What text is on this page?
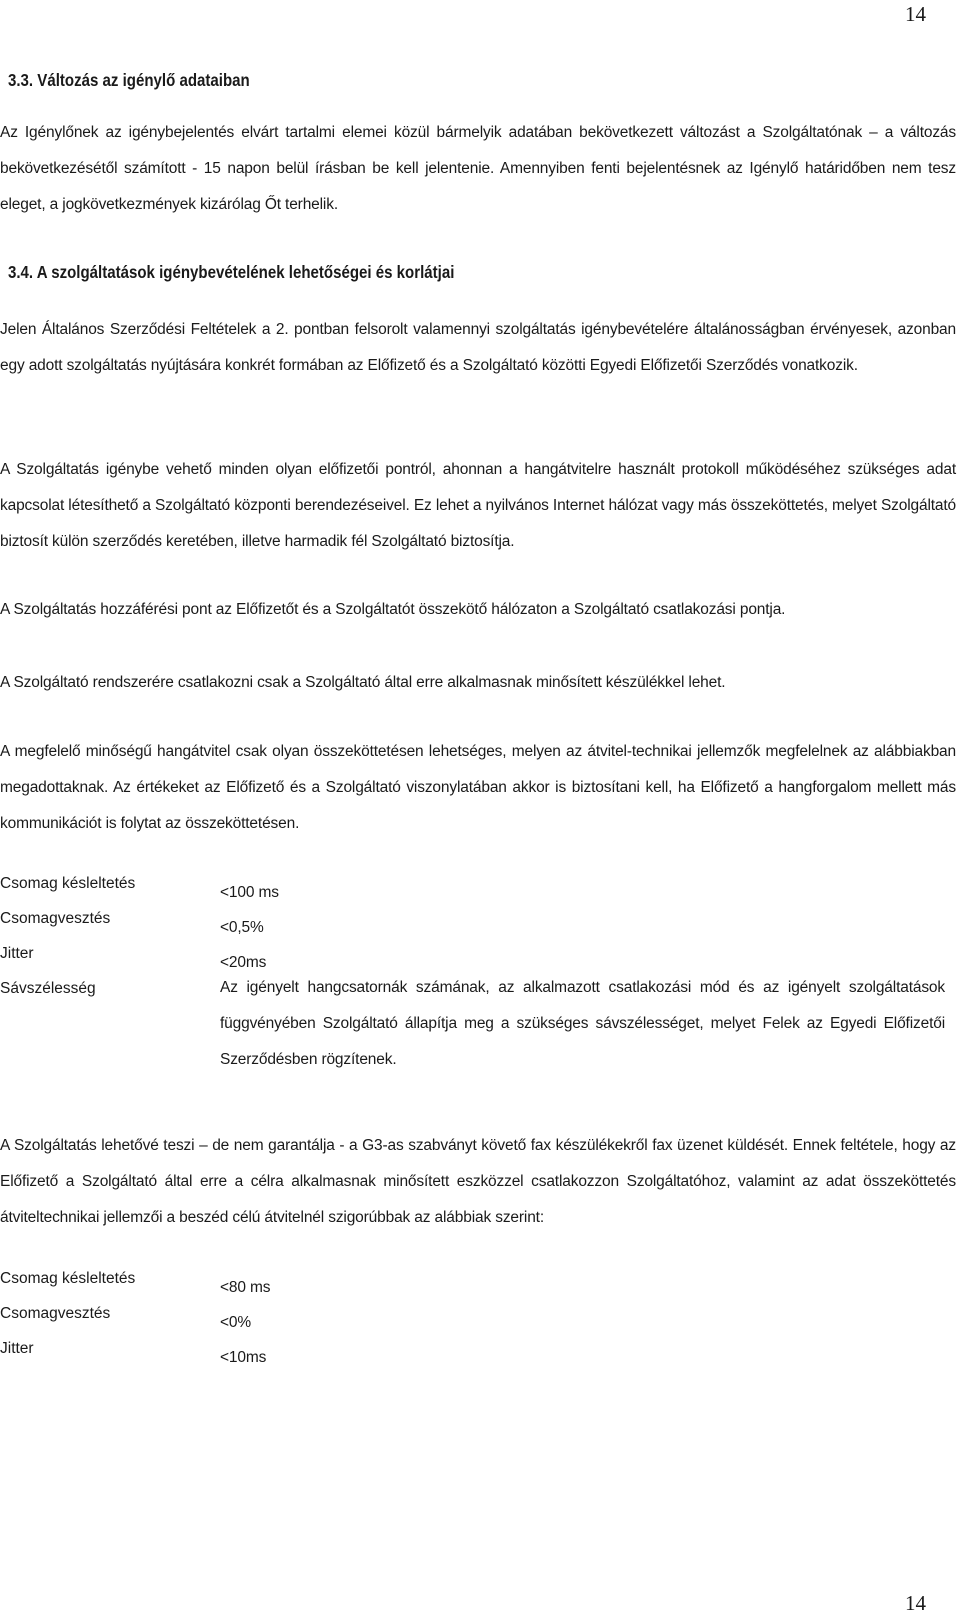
14
3.3. Változás az igénylő adataiban
Az Igénylőnek az igénybejelentés elvárt tartalmi elemei közül bármelyik adatában bekövetkezett változást a Szolgáltatónak – a változás bekövetkezésétől számított - 15 napon belül írásban be kell jelentenie. Amennyiben fenti bejelentésnek az Igénylő határidőben nem tesz eleget, a jogkövetkezmények kizárólag Őt terhelik.
3.4. A szolgáltatások igénybevételének lehetőségei és korlátjai
Jelen Általános Szerződési Feltételek a 2. pontban felsorolt valamennyi szolgáltatás igénybevételére általánosságban érvényesek, azonban egy adott szolgáltatás nyújtására konkrét formában az Előfizető és a Szolgáltató közötti Egyedi Előfizetői Szerződés vonatkozik.
A Szolgáltatás igénybe vehető minden olyan előfizetői pontról, ahonnan a hangátvitelre használt protokoll működéséhez szükséges adat kapcsolat létesíthető a Szolgáltató központi berendezéseivel. Ez lehet a nyilvános Internet hálózat vagy más összeköttetés, melyet Szolgáltató biztosít külön szerződés keretében, illetve harmadik fél Szolgáltató biztosítja.
A Szolgáltatás hozzáférési pont az Előfizetőt és a Szolgáltatót összekötő hálózaton a Szolgáltató csatlakozási pontja.
A Szolgáltató rendszerére csatlakozni csak a Szolgáltató által erre alkalmasnak minősített készülékkel lehet.
A megfelelő minőségű hangátvitel csak olyan összeköttetésen lehetséges, melyen az átvitel-technikai jellemzők megfelelnek az alábbiakban megadottaknak. Az értékeket az Előfizető és a Szolgáltató viszonylatában akkor is biztosítani kell, ha Előfizető a hangforgalom mellett más kommunikációt is folytat az összeköttetésen.
Csomag késleltetés
<100 ms
Csomagvesztés
<0,5%
Jitter
<20ms
Sávszélesség	Az igényelt hangcsatornák számának, az alkalmazott csatlakozási mód és az igényelt szolgáltatások függvényében Szolgáltató állapítja meg a szükséges sávszélességet, melyet Felek az Egyedi Előfizetői Szerződésben rögzítenek.
A Szolgáltatás lehetővé teszi – de nem garantálja - a G3-as szabványt követő fax készülékekről fax üzenet küldését. Ennek feltétele, hogy az Előfizető a Szolgáltató által erre a célra alkalmasnak minősített eszközzel csatlakozzon Szolgáltatóhoz, valamint az adat összeköttetés átviteltechnikai jellemzői a beszéd célú átvitelnél szigorúbbak az alábbiak szerint:
Csomag késleltetés
<80 ms
Csomagvesztés
<0%
Jitter
<10ms
14
